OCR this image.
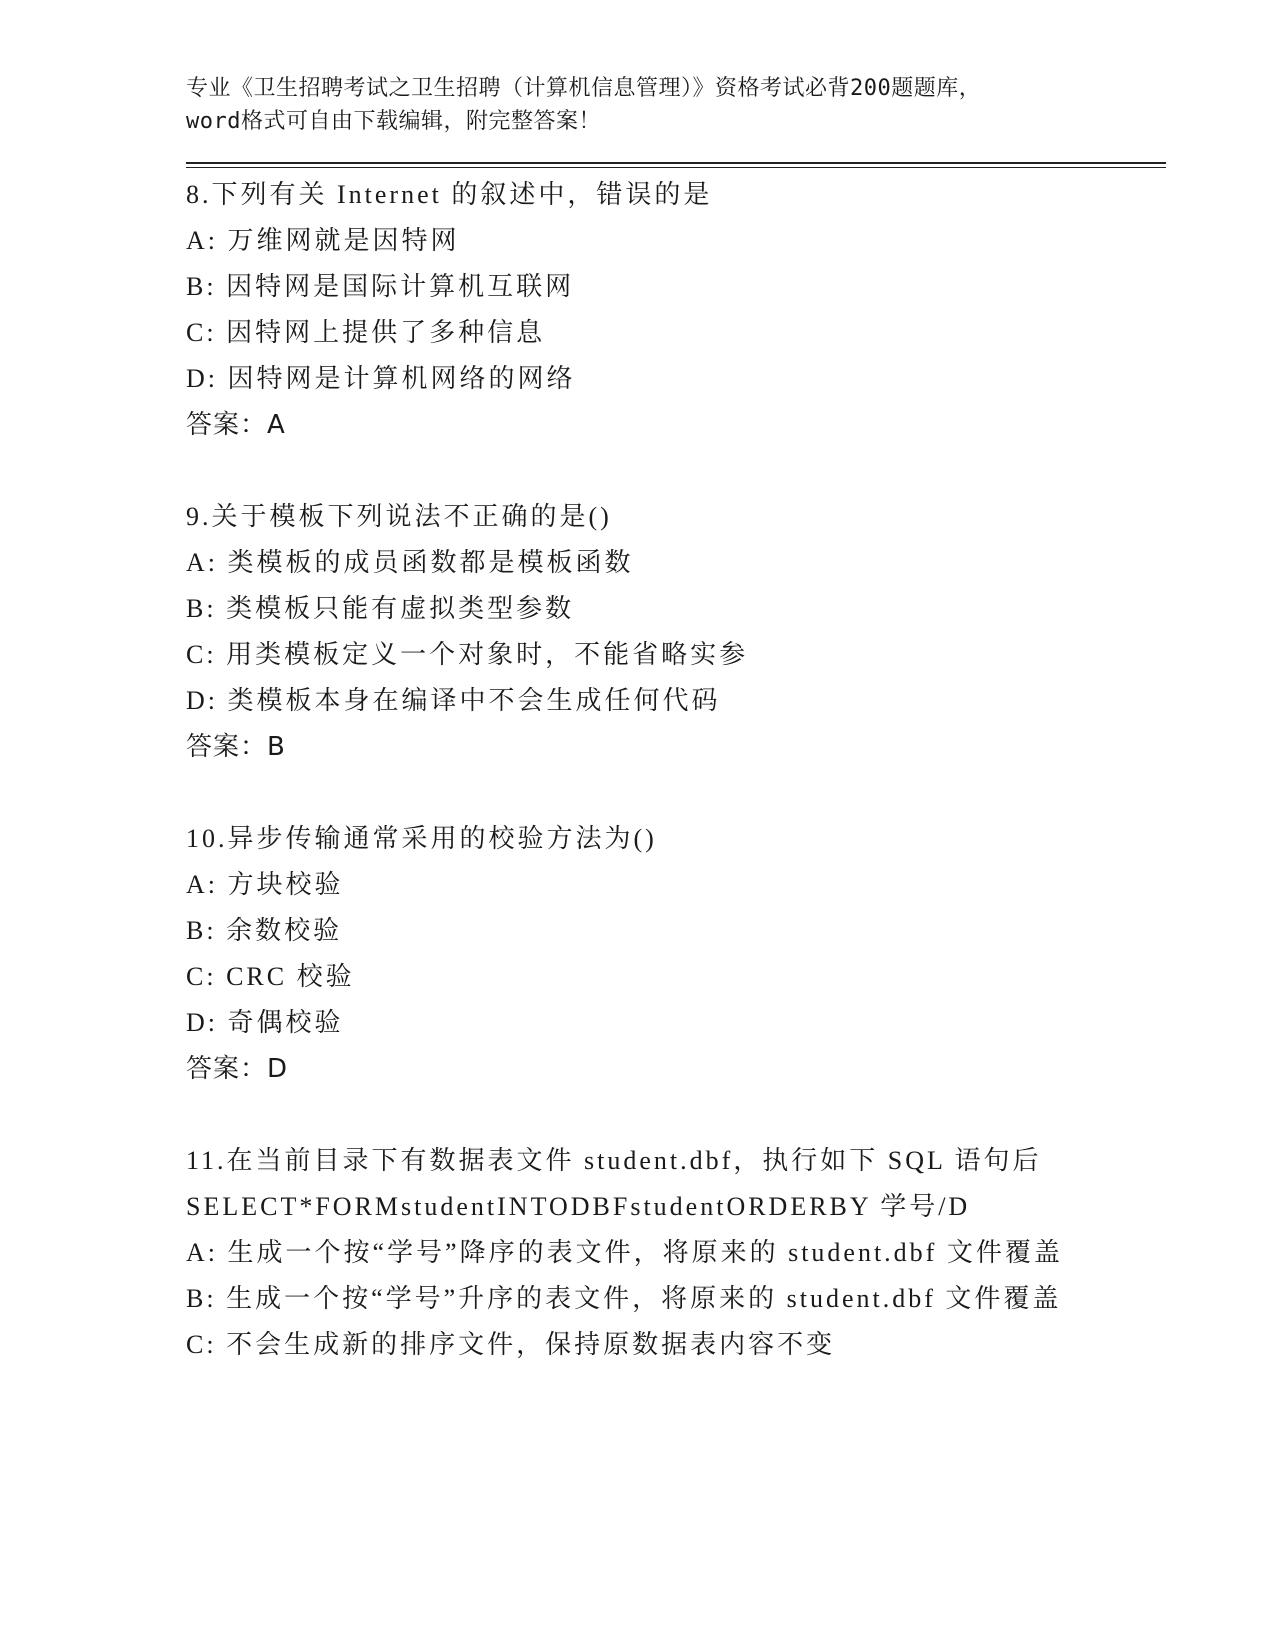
专业《卫生招聘考试之卫生招聘（计算机信息管理）》资格考试必背200题题库，
word格式可自由下载编辑，附完整答案！
8.下列有关 Internet 的叙述中，错误的是
A: 万维网就是因特网
B: 因特网是国际计算机互联网
C: 因特网上提供了多种信息
D: 因特网是计算机网络的网络
答案：A
9.关于模板下列说法不正确的是()
A: 类模板的成员函数都是模板函数
B: 类模板只能有虚拟类型参数
C: 用类模板定义一个对象时，不能省略实参
D: 类模板本身在编译中不会生成任何代码
答案：B
10.异步传输通常采用的校验方法为()
A: 方块校验
B: 余数校验
C: CRC 校验
D: 奇偶校验
答案：D
11.在当前目录下有数据表文件 student.dbf，执行如下 SQL 语句后
SELECT*FORMstudentINTODBFstudentORDERBY 学号/D
A: 生成一个按“学号”降序的表文件，将原来的 student.dbf 文件覆盖
B: 生成一个按“学号”升序的表文件，将原来的 student.dbf 文件覆盖
C: 不会生成新的排序文件，保持原数据表内容不变
